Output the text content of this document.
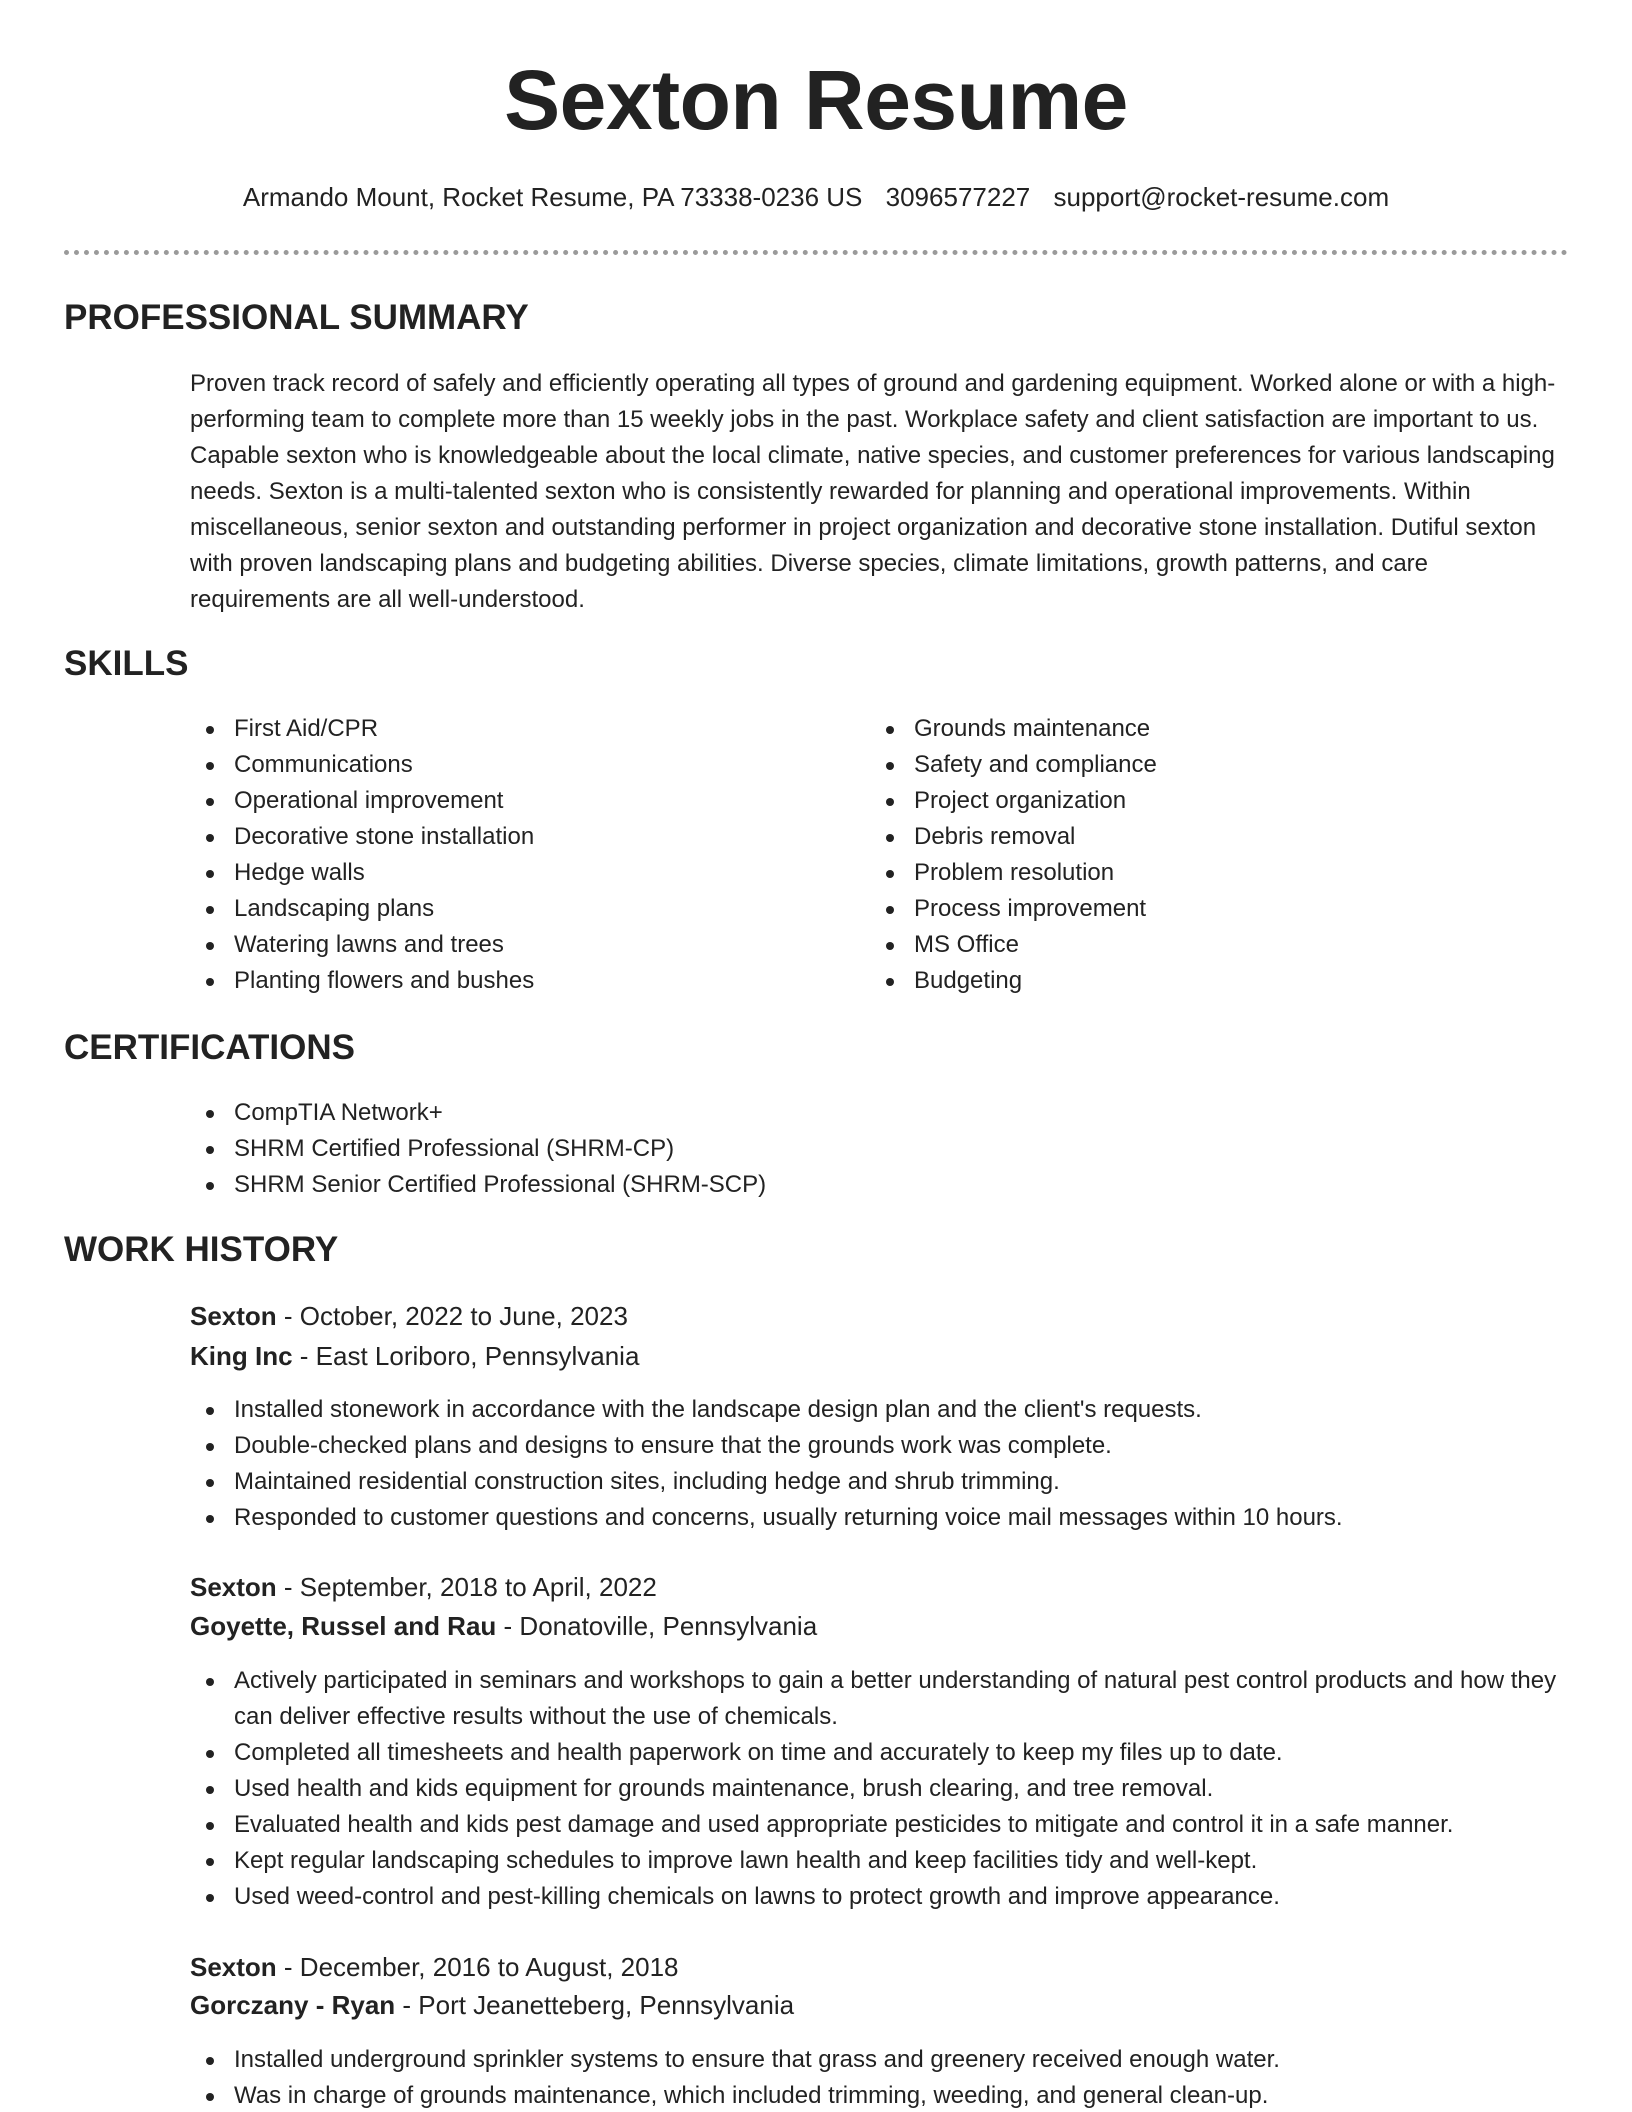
Sexton Resume
Armando Mount, Rocket Resume, PA 73338-0236 US 3096577227 support@rocket-resume.com
PROFESSIONAL SUMMARY
Proven track record of safely and efficiently operating all types of ground and gardening equipment. Worked alone or with a high-performing team to complete more than 15 weekly jobs in the past. Workplace safety and client satisfaction are important to us. Capable sexton who is knowledgeable about the local climate, native species, and customer preferences for various landscaping needs. Sexton is a multi-talented sexton who is consistently rewarded for planning and operational improvements. Within miscellaneous, senior sexton and outstanding performer in project organization and decorative stone installation. Dutiful sexton with proven landscaping plans and budgeting abilities. Diverse species, climate limitations, growth patterns, and care requirements are all well-understood.
SKILLS
First Aid/CPR
Communications
Operational improvement
Decorative stone installation
Hedge walls
Landscaping plans
Watering lawns and trees
Planting flowers and bushes
Grounds maintenance
Safety and compliance
Project organization
Debris removal
Problem resolution
Process improvement
MS Office
Budgeting
CERTIFICATIONS
CompTIA Network+
SHRM Certified Professional (SHRM-CP)
SHRM Senior Certified Professional (SHRM-SCP)
WORK HISTORY
Sexton - October, 2022 to June, 2023
King Inc - East Loriboro, Pennsylvania
Installed stonework in accordance with the landscape design plan and the client's requests.
Double-checked plans and designs to ensure that the grounds work was complete.
Maintained residential construction sites, including hedge and shrub trimming.
Responded to customer questions and concerns, usually returning voice mail messages within 10 hours.
Sexton - September, 2018 to April, 2022
Goyette, Russel and Rau - Donatoville, Pennsylvania
Actively participated in seminars and workshops to gain a better understanding of natural pest control products and how they can deliver effective results without the use of chemicals.
Completed all timesheets and health paperwork on time and accurately to keep my files up to date.
Used health and kids equipment for grounds maintenance, brush clearing, and tree removal.
Evaluated health and kids pest damage and used appropriate pesticides to mitigate and control it in a safe manner.
Kept regular landscaping schedules to improve lawn health and keep facilities tidy and well-kept.
Used weed-control and pest-killing chemicals on lawns to protect growth and improve appearance.
Sexton - December, 2016 to August, 2018
Gorczany - Ryan - Port Jeanetteberg, Pennsylvania
Installed underground sprinkler systems to ensure that grass and greenery received enough water.
Was in charge of grounds maintenance, which included trimming, weeding, and general clean-up.
